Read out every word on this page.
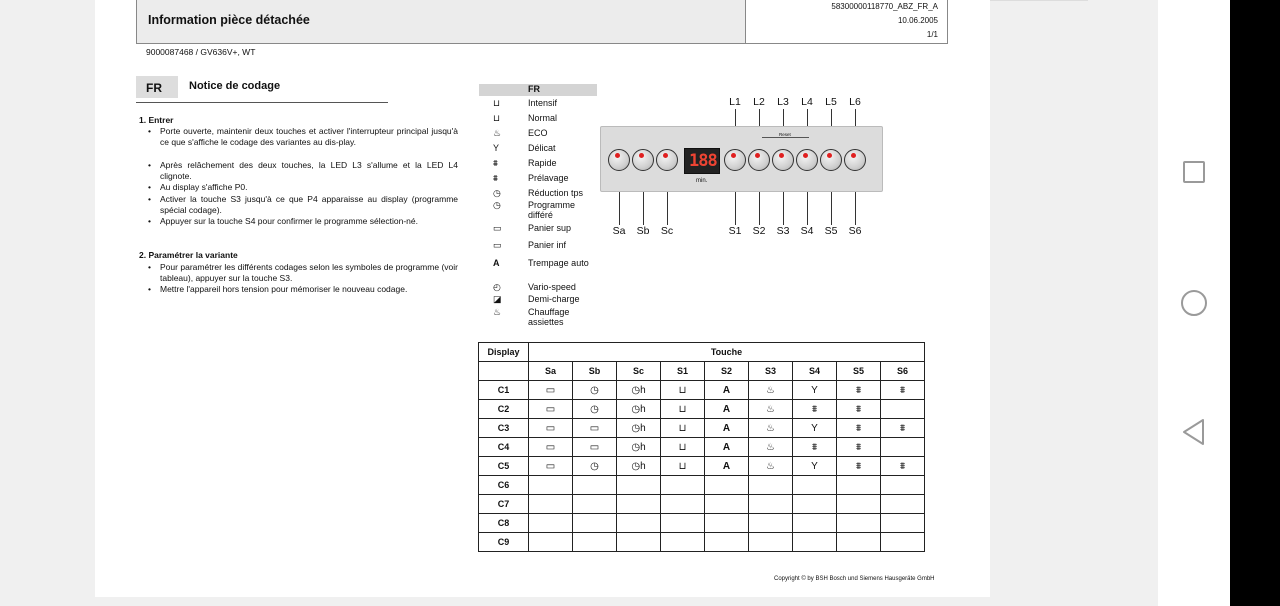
Information pièce détachée
58300000118770_ABZ_FR_A
10.06.2005
1/1
9000087468 / GV636V+, WT
FR	Notice de codage
1. Entrer
• Porte ouverte, maintenir deux touches et activer l'interrupteur principal jusqu'à ce que s'affiche le codage des variantes au dis-play.
• Après relâchement des deux touches, la LED L3 s'allume et la LED L4 clignote.
• Au display s'affiche P0.
• Activer la touche S3 jusqu'à ce que P4 apparaisse au display (programme spécial codage).
• Appuyer sur la touche S4 pour confirmer le programme sélection-né.
2. Paramétrer la variante
• Pour paramétrer les différents codages selon les symboles de programme (voir tableau), appuyer sur la touche S3.
• Mettre l'appareil hors tension pour mémoriser le nouveau codage.
FR
⊔	Intensif
⊔	Normal
♨	ECO
Y	Délicat
⩩	Rapide
⩩	Prélavage
◷	Réduction tps
◷	Programme différé
▭	Panier sup
▭	Panier inf
A	Trempage auto
◴	Vario-speed
◪	Demi-charge
♨	Chauffage assiettes
L1	L2	L3	L4	L5	L6
S1	S2	S3	S4	S5	S6
Sa	Sb	Sc
188
min.
Reset
Display	Touche								
	Sa	Sb	Sc	S1	S2	S3	S4	S5	S6
C1	▭	◷	◷h	⊔	A	♨	Y	⩩	⩩
C2	▭	◷	◷h	⊔	A	♨	⩩	⩩	
C3	▭	▭	◷h	⊔	A	♨	Y	⩩	⩩
C4	▭	▭	◷h	⊔	A	♨	⩩	⩩	
C5	▭	◷	◷h	⊔	A	♨	Y	⩩	⩩
C6									
C7									
C8									
C9									
Copyright © by BSH Bosch und Siemens Hausgeräte GmbH
